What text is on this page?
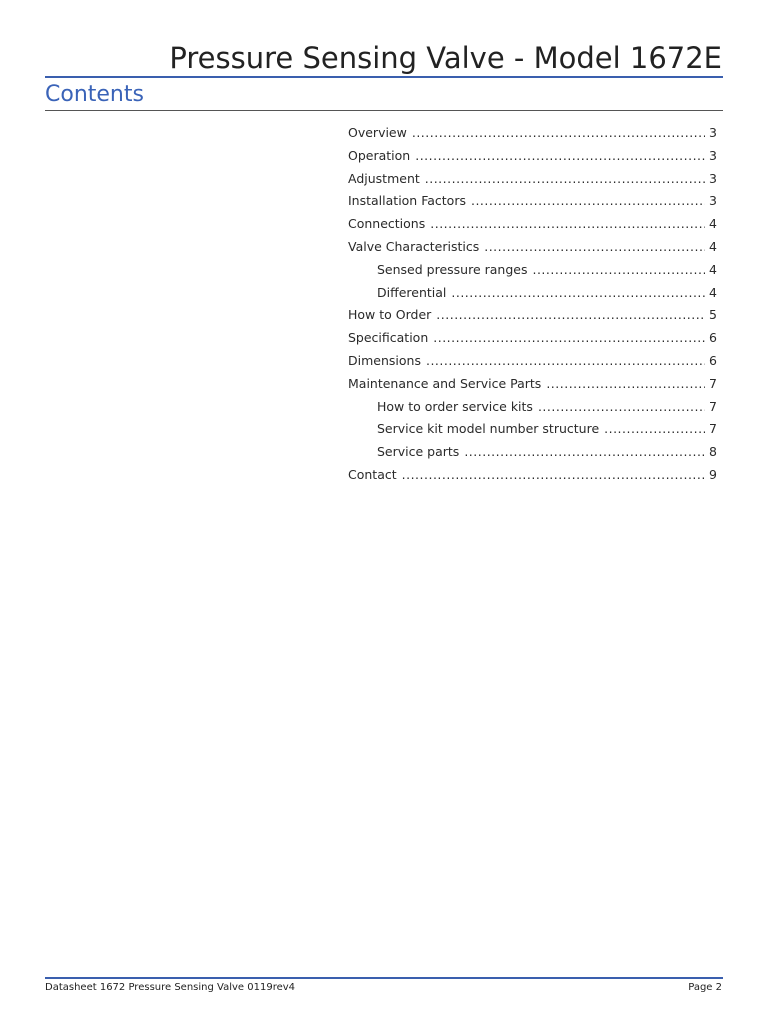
Pressure Sensing Valve - Model 1672E
Contents
Overview .....	3
Operation .....	3
Adjustment .....	3
Installation Factors .....	3
Connections .....	4
Valve Characteristics .....	4
Sensed pressure ranges .....	4
Differential .....	4
How to Order .....	5
Specification .....	6
Dimensions .....	6
Maintenance and Service Parts .....	7
How to order service kits .....	7
Service kit model number structure .....	7
Service parts .....	8
Contact .....	9
Datasheet 1672 Pressure Sensing Valve 0119rev4	Page 2
